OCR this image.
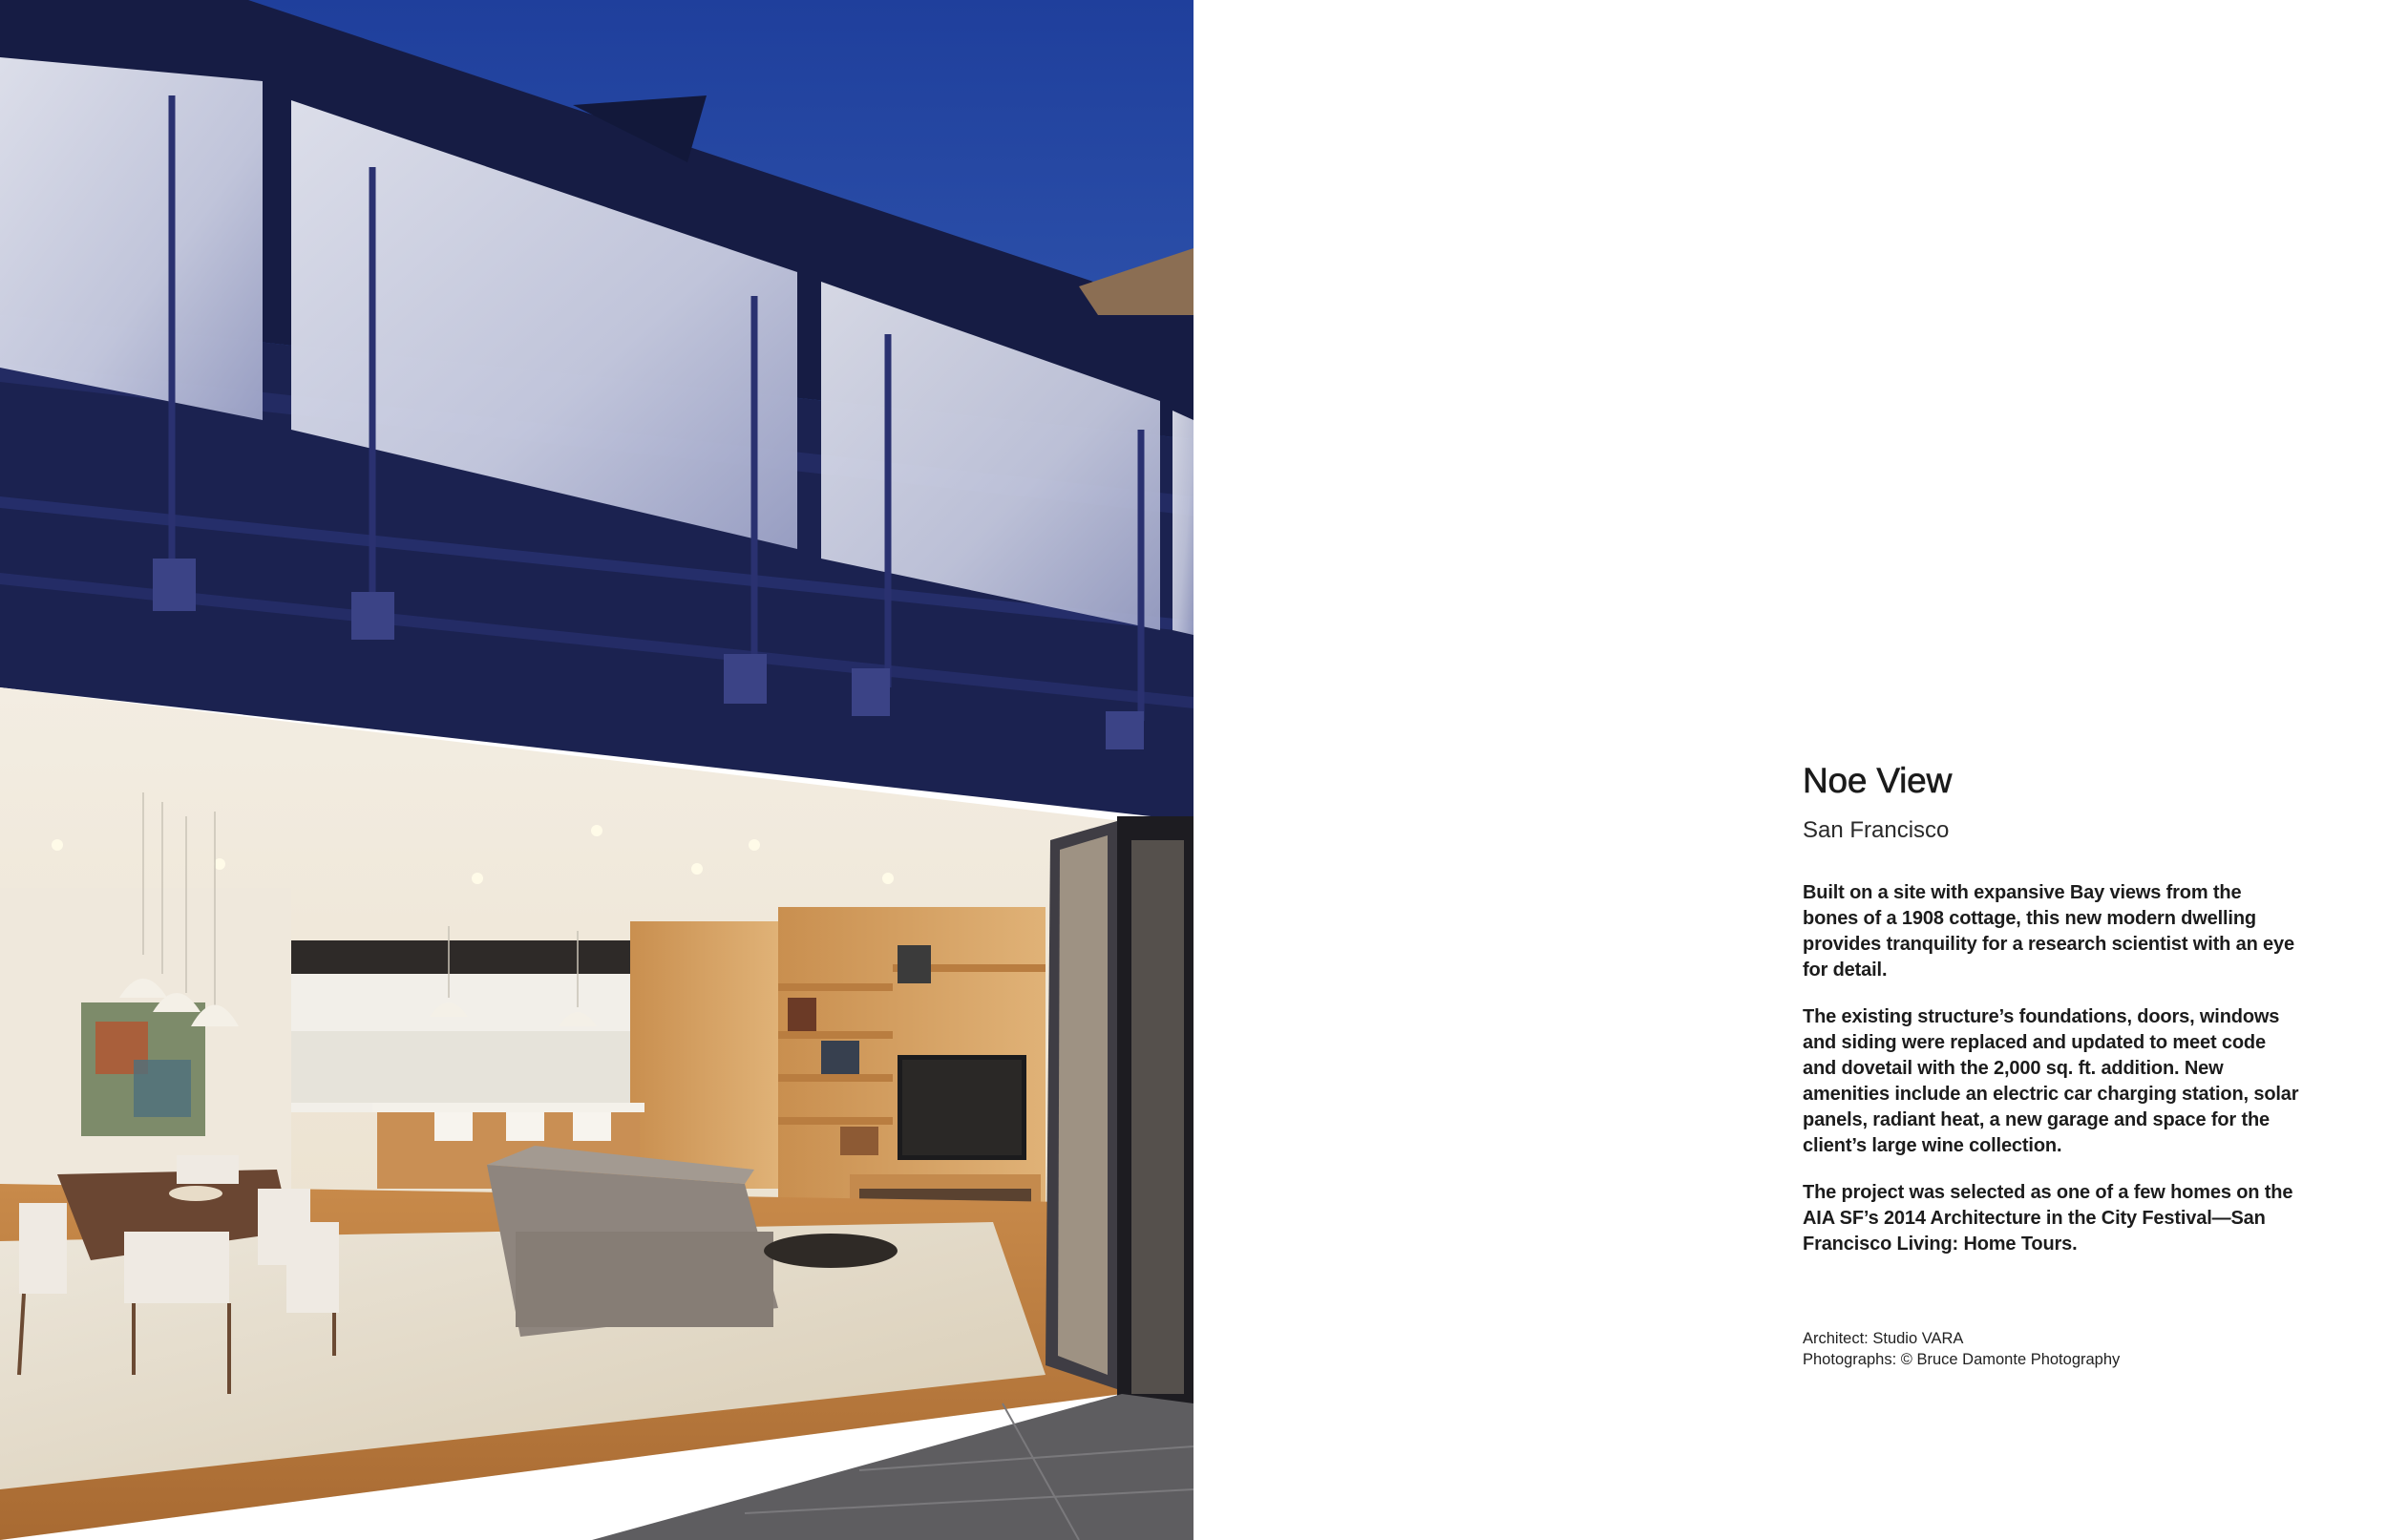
Noe View
San Francisco

Built on a site with expansive Bay views from the bones of a 1908 cottage, this new modern dwelling provides tranquility for a research scientist with an eye for detail.

The existing structure’s foundations, doors, windows and siding were replaced and updated to meet code and dovetail with the 2,000 sq. ft. addition. New amenities include an electric car charging station, solar panels, radiant heat, a new garage and space for the client’s large wine collection.

The project was selected as one of a few homes on the AIA SF’s 2014 Architecture in the City Festival—San Francisco Living: Home Tours.

Architect: Studio VARA
Photographs: © Bruce Damonte Photography
